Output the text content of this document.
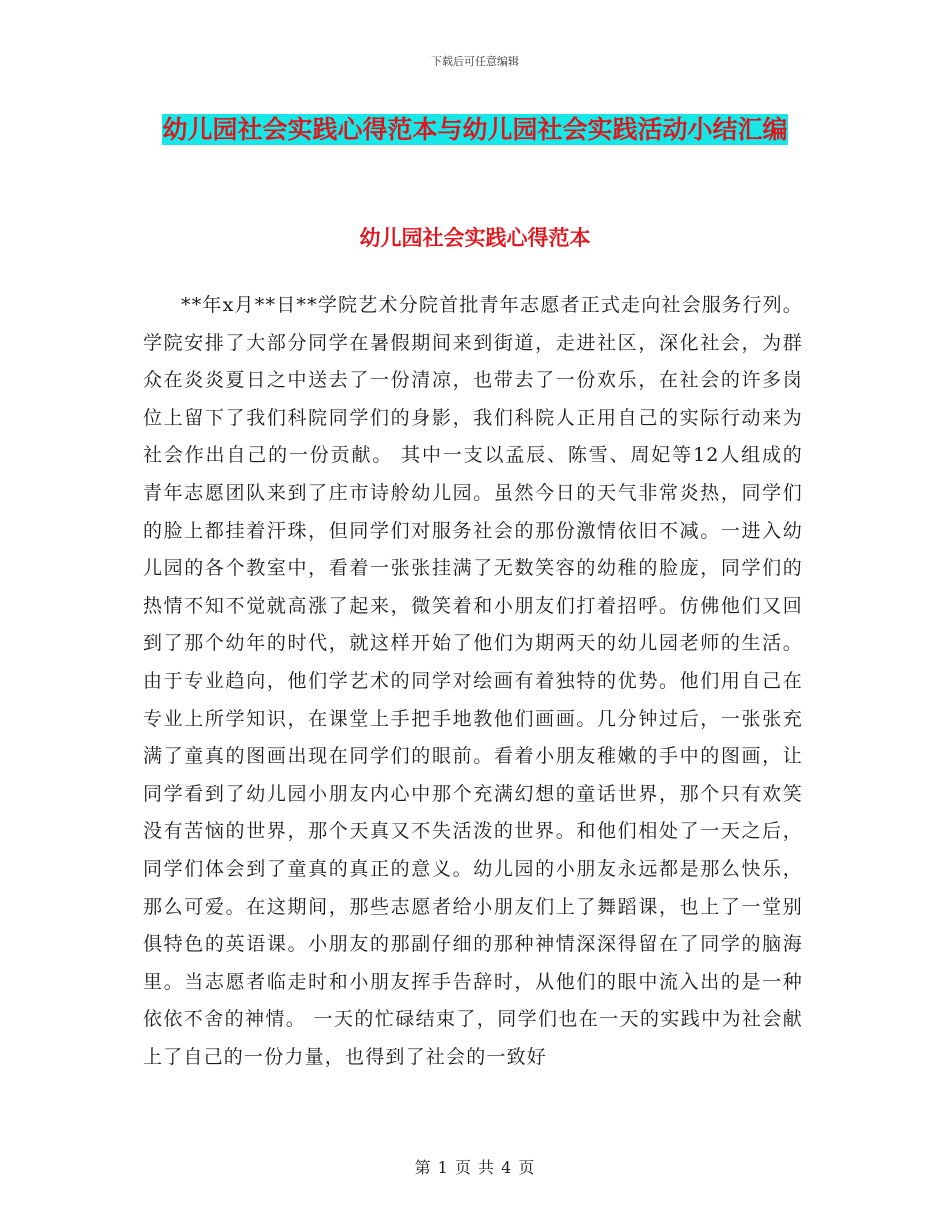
下载后可任意编辑
幼儿园社会实践心得范本与幼儿园社会实践活动小结汇编
幼儿园社会实践心得范本

**年x月**日**学院艺术分院首批青年志愿者正式走向社会服务行列。学院安排了大部分同学在暑假期间来到街道，走进社区，深化社会，为群众在炎炎夏日之中送去了一份清凉，也带去了一份欢乐，在社会的许多岗位上留下了我们科院同学们的身影，我们科院人正用自己的实际行动来为社会作出自己的一份贡献。 其中一支以孟辰、陈雪、周妃等12人组成的青年志愿团队来到了庄市诗舲幼儿园。虽然今日的天气非常炎热，同学们的脸上都挂着汗珠，但同学们对服务社会的那份激情依旧不减。一进入幼儿园的各个教室中，看着一张张挂满了无数笑容的幼稚的脸庞，同学们的热情不知不觉就高涨了起来，微笑着和小朋友们打着招呼。仿佛他们又回到了那个幼年的时代，就这样开始了他们为期两天的幼儿园老师的生活。 由于专业趋向，他们学艺术的同学对绘画有着独特的优势。他们用自己在专业上所学知识，在课堂上手把手地教他们画画。几分钟过后，一张张充满了童真的图画出现在同学们的眼前。看着小朋友稚嫩的手中的图画，让同学看到了幼儿园小朋友内心中那个充满幻想的童话世界，那个只有欢笑没有苦恼的世界，那个天真又不失活泼的世界。和他们相处了一天之后，同学们体会到了童真的真正的意义。幼儿园的小朋友永远都是那么快乐，那么可爱。在这期间，那些志愿者给小朋友们上了舞蹈课，也上了一堂别俱特色的英语课。小朋友的那副仔细的那种神情深深得留在了同学的脑海里。当志愿者临走时和小朋友挥手告辞时，从他们的眼中流入出的是一种依依不舍的神情。 一天的忙碌结束了，同学们也在一天的实践中为社会献上了自己的一份力量，也得到了社会的一致好

第 1 页 共 4 页
